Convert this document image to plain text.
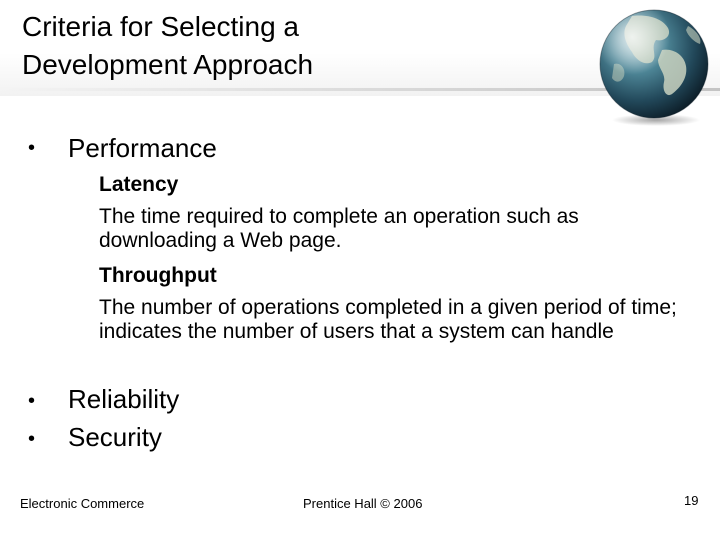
Criteria for Selecting a
Development Approach
• Performance
Latency
The time required to complete an operation such as downloading a Web page.
Throughput
The number of operations completed in a given period of time; indicates the number of users that a system can handle
• Reliability
• Security
Electronic Commerce	Prentice Hall © 2006	19
